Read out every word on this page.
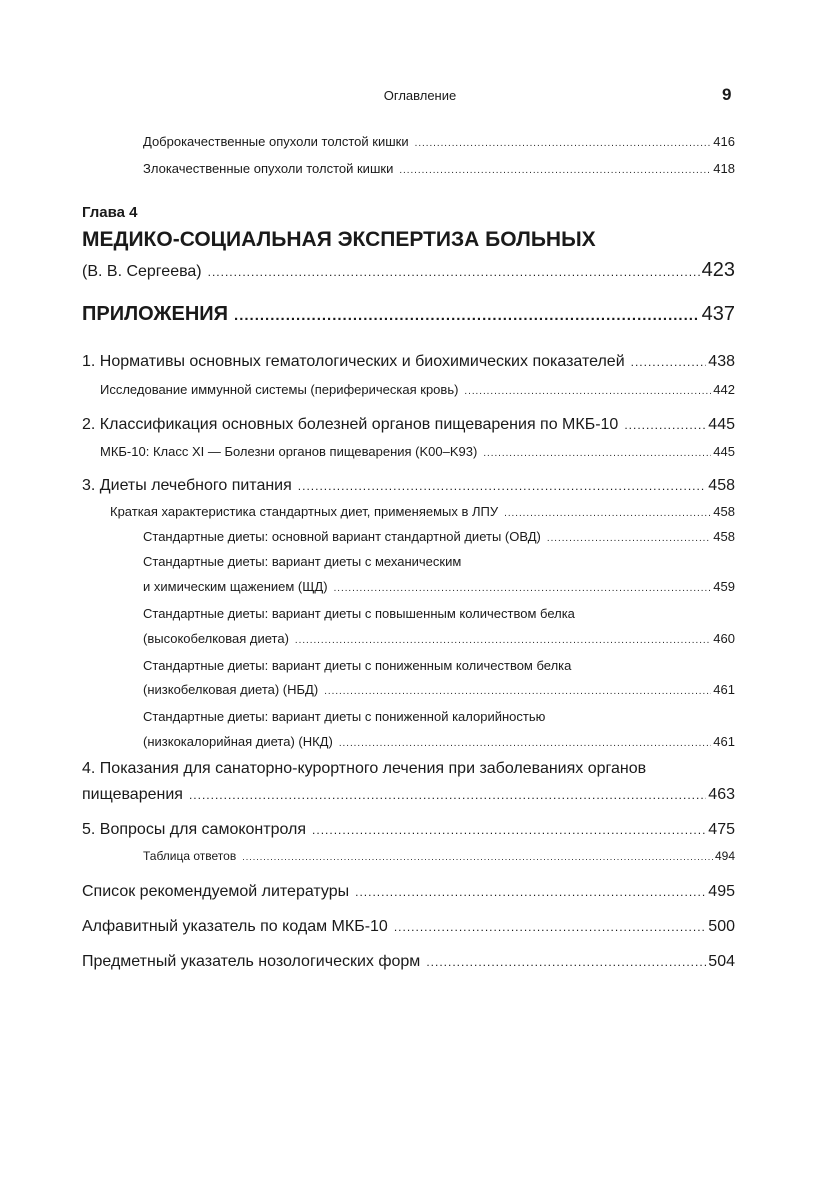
Оглавление	9
Доброкачественные опухоли толстой кишки .....	416
Злокачественные опухоли толстой кишки .....	418
Глава 4
МЕДИКО-СОЦИАЛЬНАЯ ЭКСПЕРТИЗА БОЛЬНЫХ
(В. В. Сергеева) .....	423
ПРИЛОЖЕНИЯ .....	437
1. Нормативы основных гематологических и биохимических показателей .....	438
Исследование иммунной системы (периферическая кровь) .....	442
2. Классификация основных болезней органов пищеварения по МКБ-10 .....	445
МКБ-10: Класс XI — Болезни органов пищеварения (K00–K93) .....	445
3. Диеты лечебного питания .....	458
Краткая характеристика стандартных диет, применяемых в ЛПУ .....	458
Стандартные диеты: основной вариант стандартной диеты (ОВД) .....	458
Стандартные диеты: вариант диеты с механическим
и химическим щажением (ЩД) .....	459
Стандартные диеты: вариант диеты с повышенным количеством белка
(высокобелковая диета) .....	460
Стандартные диеты: вариант диеты с пониженным количеством белка
(низкобелковая диета) (НБД) .....	461
Стандартные диеты: вариант диеты с пониженной калорийностью
(низкокалорийная диета) (НКД) .....	461
4. Показания для санаторно-курортного лечения при заболеваниях органов
пищеварения .....	463
5. Вопросы для самоконтроля .....	475
Таблица ответов .....	494
Список рекомендуемой литературы .....	495
Алфавитный указатель по кодам МКБ-10 .....	500
Предметный указатель нозологических форм .....	504
